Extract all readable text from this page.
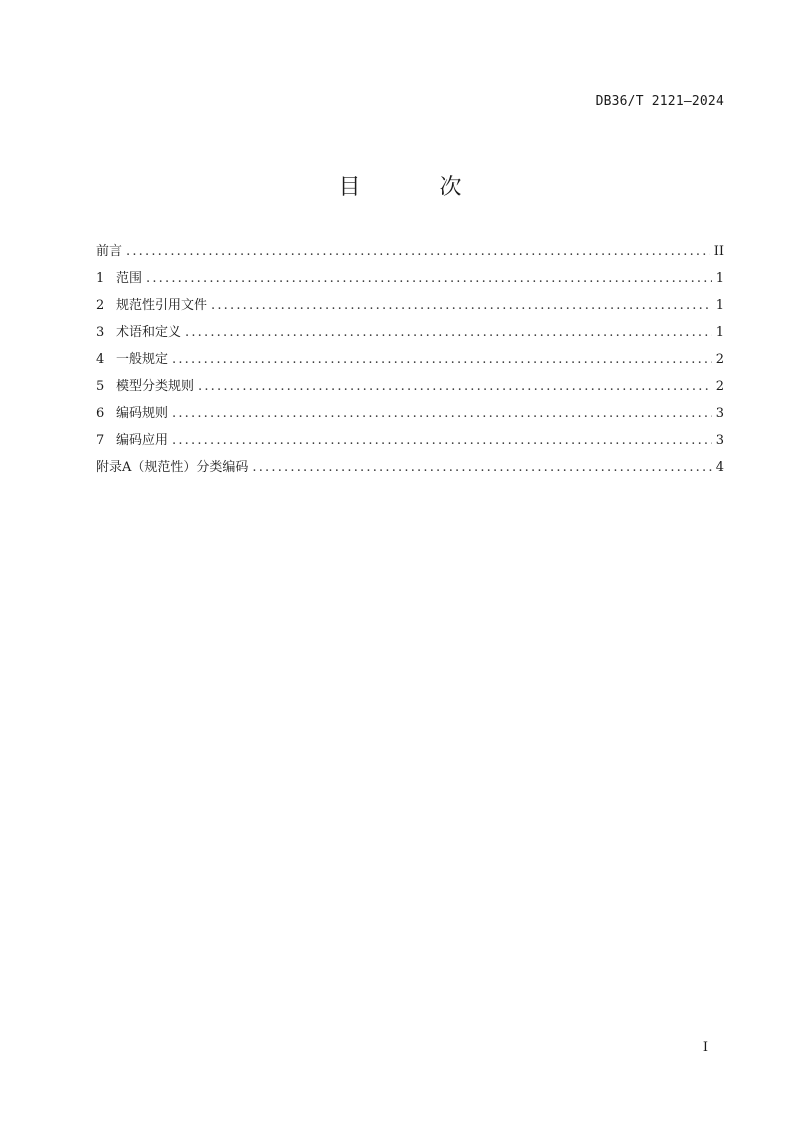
DB36/T 2121—2024
目 次
前言 .....	II
1 范围 .....	1
2 规范性引用文件 .....	1
3 术语和定义 .....	1
4 一般规定 .....	2
5 模型分类规则 .....	2
6 编码规则 .....	3
7 编码应用 .....	3
附录A（规范性）分类编码 .....	4
I
